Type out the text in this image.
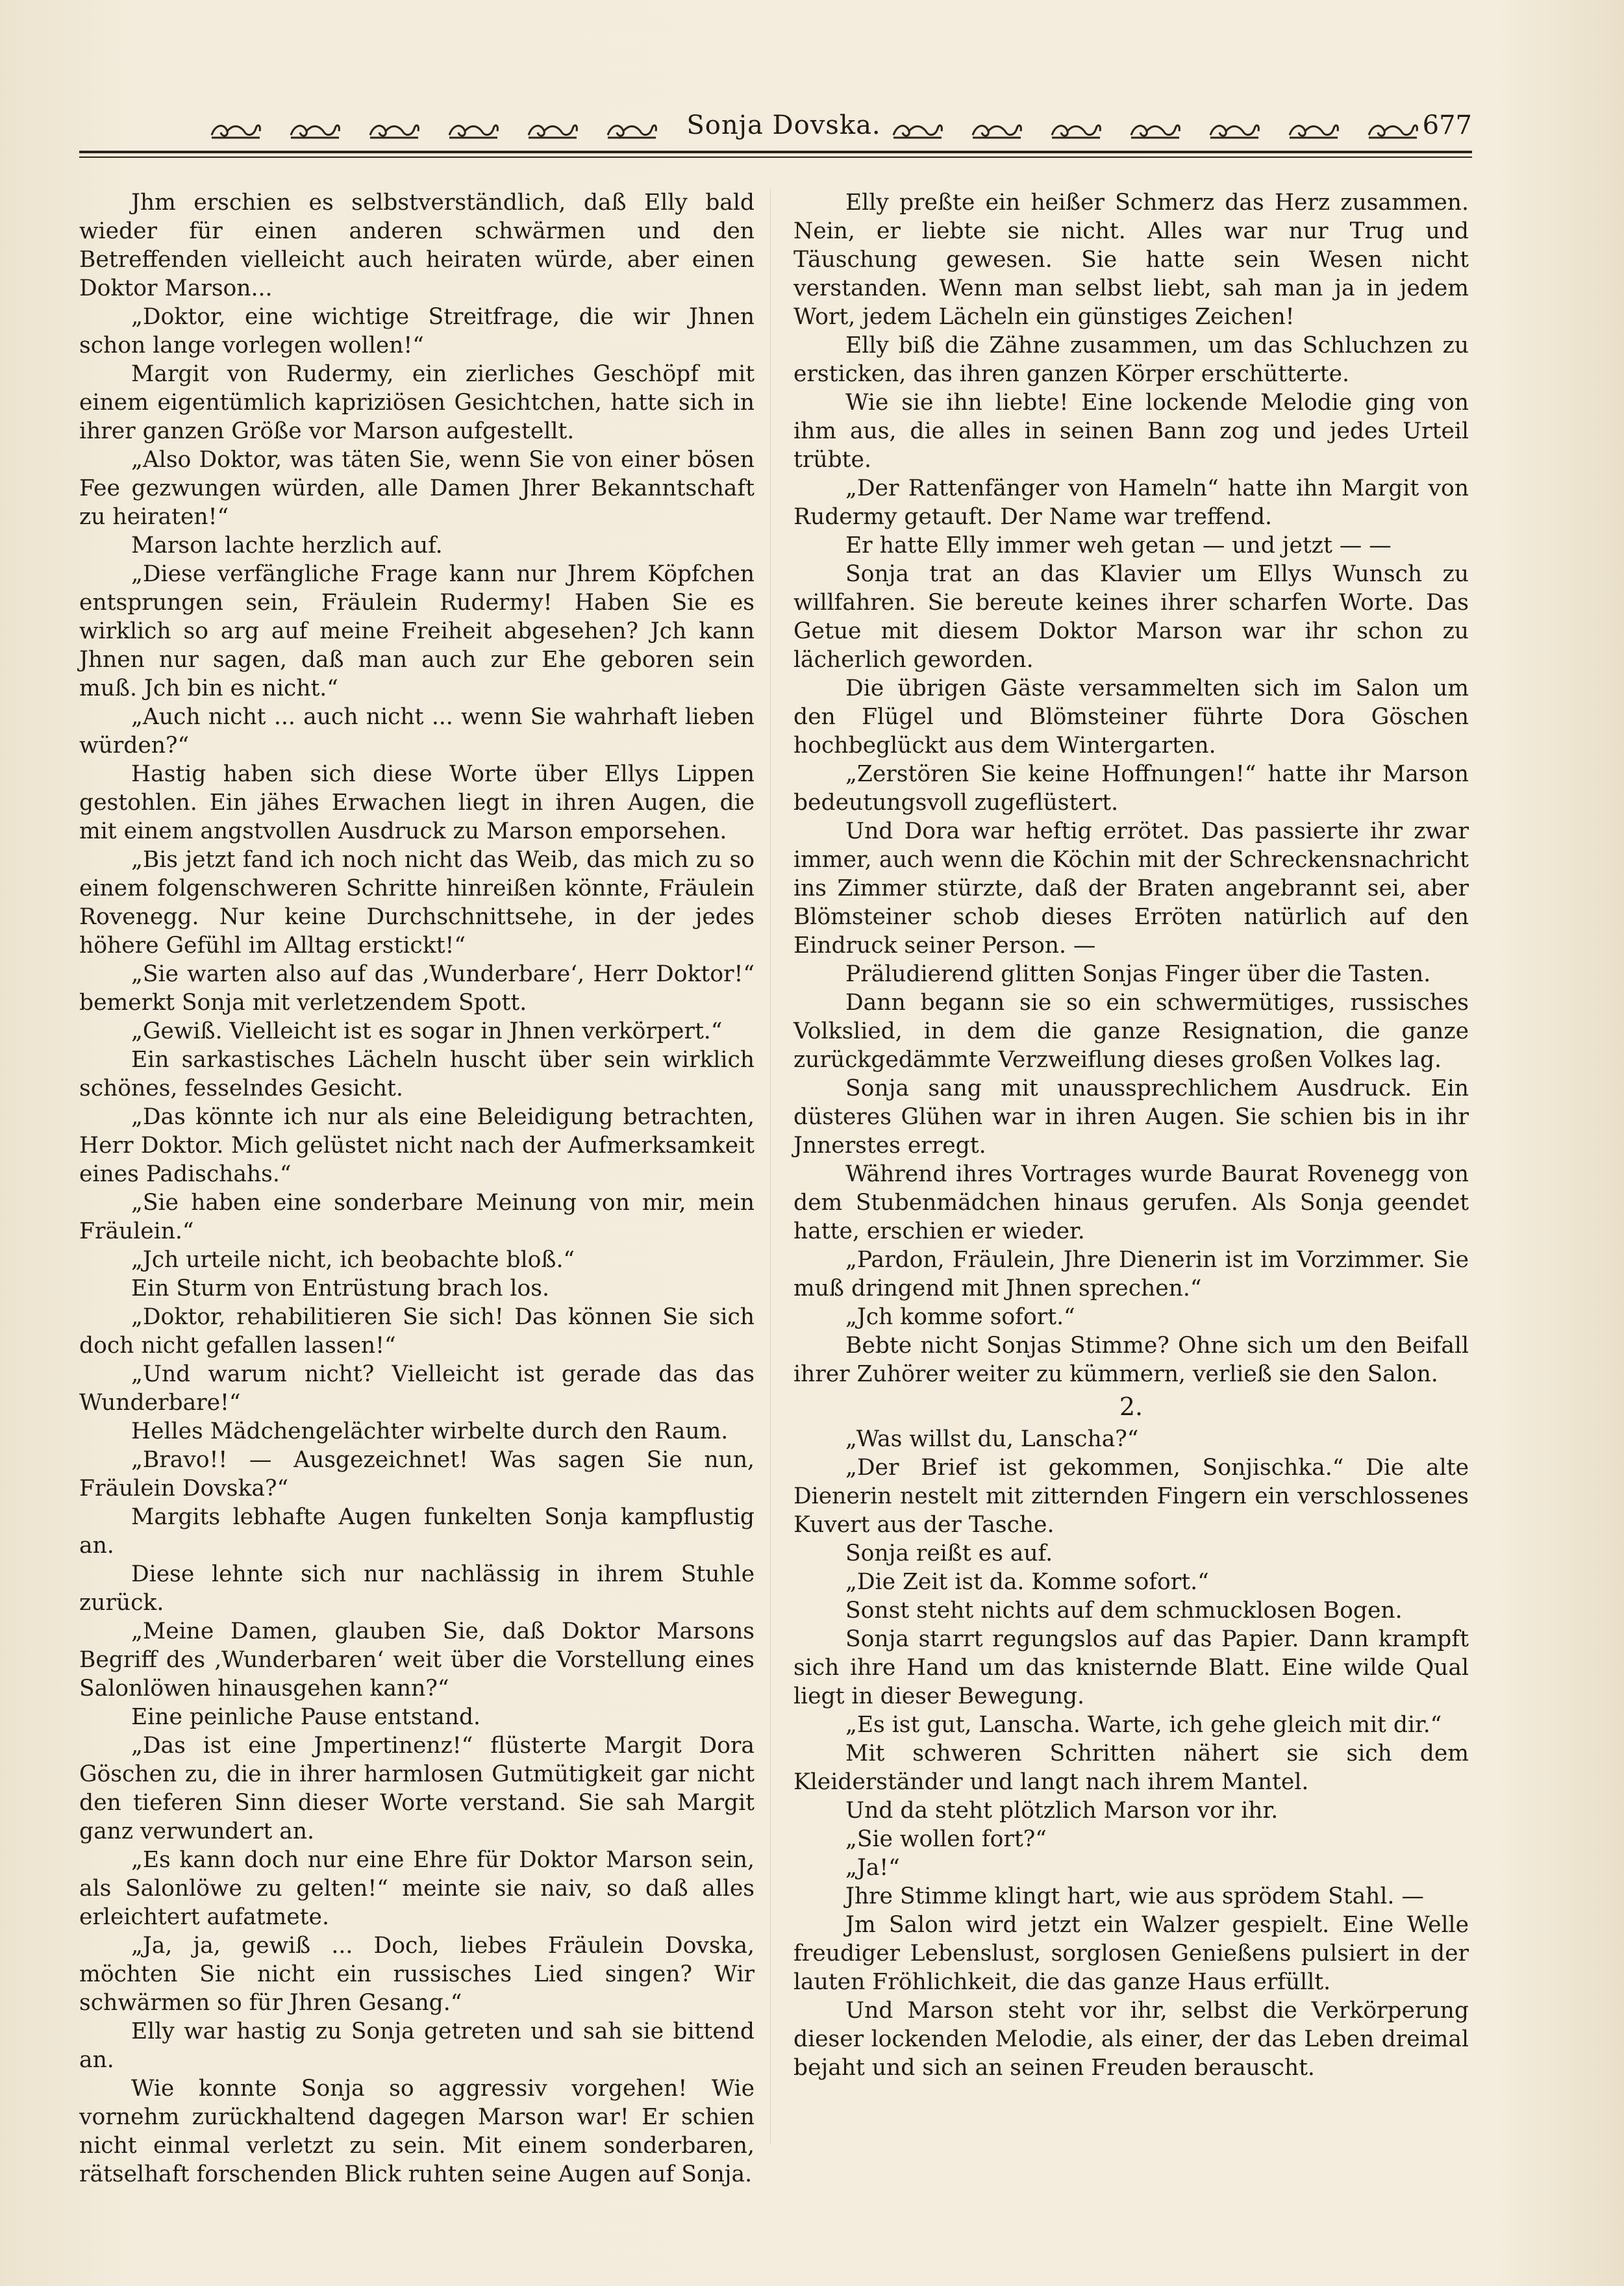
Sonja Dovska.	677

Jhm erschien es selbstverständlich, daß Elly bald wieder für einen anderen schwärmen und den Betreffenden vielleicht auch heiraten würde, aber einen Doktor Marson...

„Doktor, eine wichtige Streitfrage, die wir Jhnen schon lange vorlegen wollen!“

Margit von Rudermy, ein zierliches Geschöpf mit einem eigentümlich kapriziösen Gesichtchen, hatte sich in ihrer ganzen Größe vor Marson aufgestellt.

„Also Doktor, was täten Sie, wenn Sie von einer bösen Fee gezwungen würden, alle Damen Jhrer Bekanntschaft zu heiraten!“

Marson lachte herzlich auf.

„Diese verfängliche Frage kann nur Jhrem Köpfchen entsprungen sein, Fräulein Rudermy! Haben Sie es wirklich so arg auf meine Freiheit abgesehen? Jch kann Jhnen nur sagen, daß man auch zur Ehe geboren sein muß. Jch bin es nicht.“

„Auch nicht ... auch nicht ... wenn Sie wahrhaft lieben würden?“

Hastig haben sich diese Worte über Ellys Lippen gestohlen. Ein jähes Erwachen liegt in ihren Augen, die mit einem angstvollen Ausdruck zu Marson emporsehen.

„Bis jetzt fand ich noch nicht das Weib, das mich zu so einem folgenschweren Schritte hinreißen könnte, Fräulein Rovenegg. Nur keine Durchschnittsehe, in der jedes höhere Gefühl im Alltag erstickt!“

„Sie warten also auf das ‚Wunderbare‘, Herr Doktor!“ bemerkt Sonja mit verletzendem Spott.

„Gewiß. Vielleicht ist es sogar in Jhnen verkörpert.“

Ein sarkastisches Lächeln huscht über sein wirklich schönes, fesselndes Gesicht.

„Das könnte ich nur als eine Beleidigung betrachten, Herr Doktor. Mich gelüstet nicht nach der Aufmerksamkeit eines Padischahs.“

„Sie haben eine sonderbare Meinung von mir, mein Fräulein.“

„Jch urteile nicht, ich beobachte bloß.“

Ein Sturm von Entrüstung brach los.

„Doktor, rehabilitieren Sie sich! Das können Sie sich doch nicht gefallen lassen!“

„Und warum nicht? Vielleicht ist gerade das das Wunderbare!“

Helles Mädchengelächter wirbelte durch den Raum.

„Bravo!! — Ausgezeichnet! Was sagen Sie nun, Fräulein Dovska?“

Margits lebhafte Augen funkelten Sonja kampflustig an.

Diese lehnte sich nur nachlässig in ihrem Stuhle zurück.

„Meine Damen, glauben Sie, daß Doktor Marsons Begriff des ‚Wunderbaren‘ weit über die Vorstellung eines Salonlöwen hinausgehen kann?“

Eine peinliche Pause entstand.

„Das ist eine Jmpertinenz!“ flüsterte Margit Dora Göschen zu, die in ihrer harmlosen Gutmütigkeit gar nicht den tieferen Sinn dieser Worte verstand. Sie sah Margit ganz verwundert an.

„Es kann doch nur eine Ehre für Doktor Marson sein, als Salonlöwe zu gelten!“ meinte sie naiv, so daß alles erleichtert aufatmete.

„Ja, ja, gewiß ... Doch, liebes Fräulein Dovska, möchten Sie nicht ein russisches Lied singen? Wir schwärmen so für Jhren Gesang.“

Elly war hastig zu Sonja getreten und sah sie bittend an.

Wie konnte Sonja so aggressiv vorgehen! Wie vornehm zurückhaltend dagegen Marson war! Er schien nicht einmal verletzt zu sein. Mit einem sonderbaren, rätselhaft forschenden Blick ruhten seine Augen auf Sonja.

Elly preßte ein heißer Schmerz das Herz zusammen. Nein, er liebte sie nicht. Alles war nur Trug und Täuschung gewesen. Sie hatte sein Wesen nicht verstanden. Wenn man selbst liebt, sah man ja in jedem Wort, jedem Lächeln ein günstiges Zeichen!

Elly biß die Zähne zusammen, um das Schluchzen zu ersticken, das ihren ganzen Körper erschütterte.

Wie sie ihn liebte! Eine lockende Melodie ging von ihm aus, die alles in seinen Bann zog und jedes Urteil trübte.

„Der Rattenfänger von Hameln“ hatte ihn Margit von Rudermy getauft. Der Name war treffend.

Er hatte Elly immer weh getan — und jetzt — —

Sonja trat an das Klavier um Ellys Wunsch zu willfahren. Sie bereute keines ihrer scharfen Worte. Das Getue mit diesem Doktor Marson war ihr schon zu lächerlich geworden.

Die übrigen Gäste versammelten sich im Salon um den Flügel und Blömsteiner führte Dora Göschen hochbeglückt aus dem Wintergarten.

„Zerstören Sie keine Hoffnungen!“ hatte ihr Marson bedeutungsvoll zugeflüstert.

Und Dora war heftig errötet. Das passierte ihr zwar immer, auch wenn die Köchin mit der Schreckensnachricht ins Zimmer stürzte, daß der Braten angebrannt sei, aber Blömsteiner schob dieses Erröten natürlich auf den Eindruck seiner Person. —

Präludierend glitten Sonjas Finger über die Tasten.

Dann begann sie so ein schwermütiges, russisches Volkslied, in dem die ganze Resignation, die ganze zurückgedämmte Verzweiflung dieses großen Volkes lag.

Sonja sang mit unaussprechlichem Ausdruck. Ein düsteres Glühen war in ihren Augen. Sie schien bis in ihr Jnnerstes erregt.

Während ihres Vortrages wurde Baurat Rovenegg von dem Stubenmädchen hinaus gerufen. Als Sonja geendet hatte, erschien er wieder.

„Pardon, Fräulein, Jhre Dienerin ist im Vorzimmer. Sie muß dringend mit Jhnen sprechen.“

„Jch komme sofort.“

Bebte nicht Sonjas Stimme? Ohne sich um den Beifall ihrer Zuhörer weiter zu kümmern, verließ sie den Salon.

2.

„Was willst du, Lanscha?“

„Der Brief ist gekommen, Sonjischka.“ Die alte Dienerin nestelt mit zitternden Fingern ein verschlossenes Kuvert aus der Tasche.

Sonja reißt es auf.

„Die Zeit ist da. Komme sofort.“

Sonst steht nichts auf dem schmucklosen Bogen.

Sonja starrt regungslos auf das Papier. Dann krampft sich ihre Hand um das knisternde Blatt. Eine wilde Qual liegt in dieser Bewegung.

„Es ist gut, Lanscha. Warte, ich gehe gleich mit dir.“

Mit schweren Schritten nähert sie sich dem Kleiderständer und langt nach ihrem Mantel.

Und da steht plötzlich Marson vor ihr.

„Sie wollen fort?“

„Ja!“

Jhre Stimme klingt hart, wie aus sprödem Stahl. —

Jm Salon wird jetzt ein Walzer gespielt. Eine Welle freudiger Lebenslust, sorglosen Genießens pulsiert in der lauten Fröhlichkeit, die das ganze Haus erfüllt.

Und Marson steht vor ihr, selbst die Verkörperung dieser lockenden Melodie, als einer, der das Leben dreimal bejaht und sich an seinen Freuden berauscht.
